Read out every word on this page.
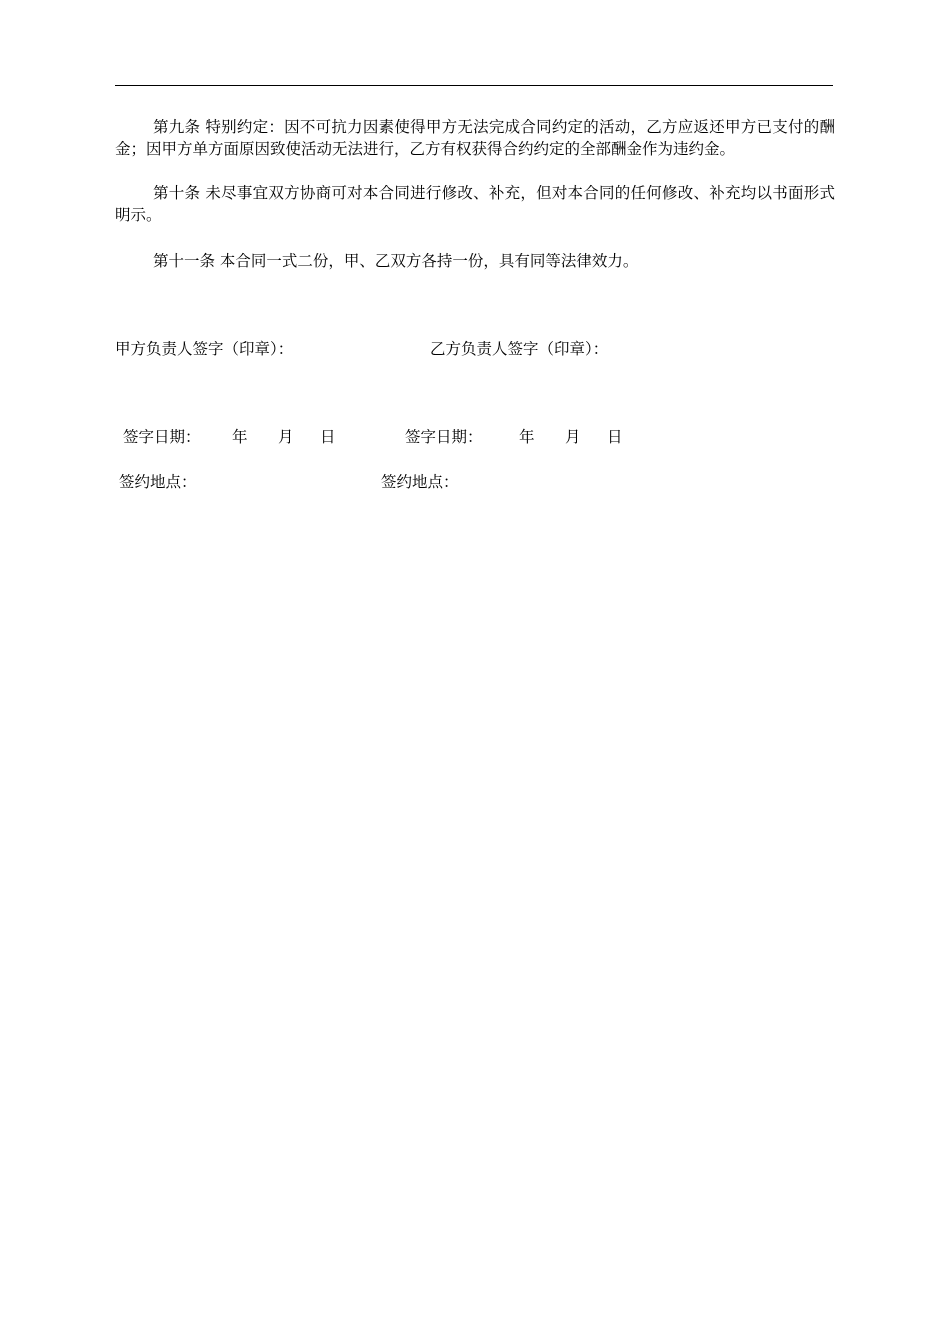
第九条 特别约定：因不可抗力因素使得甲方无法完成合同约定的活动，乙方应返还甲方已支付的酬金；因甲方单方面原因致使活动无法进行，乙方有权获得合约约定的全部酬金作为违约金。

第十条 未尽事宜双方协商可对本合同进行修改、补充，但对本合同的任何修改、补充均以书面形式明示。

第十一条 本合同一式二份，甲、乙双方各持一份，具有同等法律效力。

甲方负责人签字（印章）：	乙方负责人签字（印章）：
签字日期： 年 月 日	签字日期： 年 月 日
签约地点：	签约地点：
